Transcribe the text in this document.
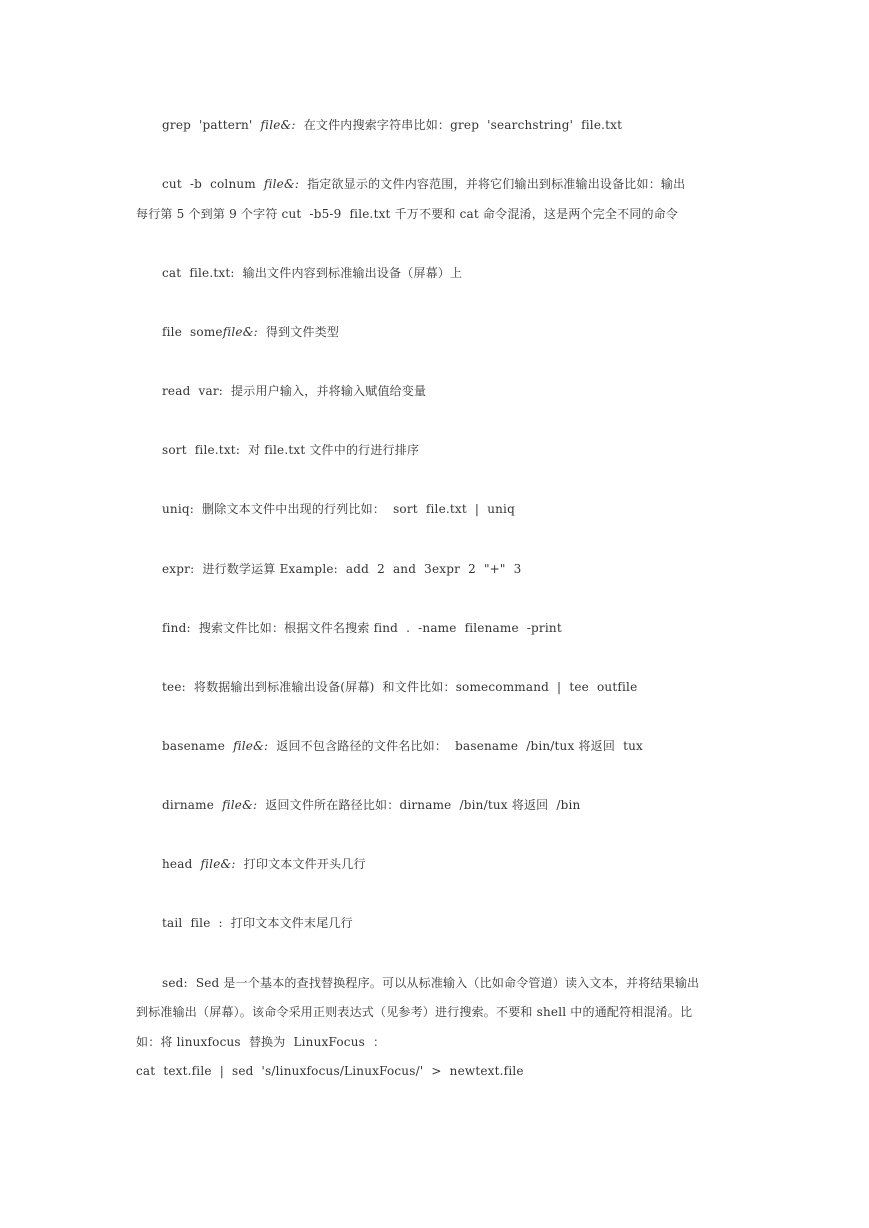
grep  'pattern'  file&:  在文件内搜索字符串比如：grep  'searchstring'  file.txt
cut  -b  colnum  file&:  指定欲显示的文件内容范围，并将它们输出到标准输出设备比如：输出
每行第 5 个到第 9 个字符 cut  -b5-9  file.txt 千万不要和 cat 命令混淆，这是两个完全不同的命令
cat  file.txt:  输出文件内容到标准输出设备（屏幕）上
file  somefile&:  得到文件类型
read  var:  提示用户输入，并将输入赋值给变量
sort  file.txt:  对 file.txt 文件中的行进行排序
uniq:  删除文本文件中出现的行列比如：  sort  file.txt  |  uniq
expr:  进行数学运算 Example:  add  2  and  3expr  2  "+"  3
find:  搜索文件比如：根据文件名搜索 find  .  -name  filename  -print
tee:  将数据输出到标准输出设备(屏幕)  和文件比如：somecommand  |  tee  outfile
basename  file&:  返回不包含路径的文件名比如：  basename  /bin/tux 将返回  tux
dirname  file&:  返回文件所在路径比如：dirname  /bin/tux 将返回  /bin
head  file&:  打印文本文件开头几行
tail  file  :  打印文本文件末尾几行
sed:  Sed 是一个基本的查找替换程序。可以从标准输入（比如命令管道）读入文本，并将结果输出
到标准输出（屏幕）。该命令采用正则表达式（见参考）进行搜索。不要和 shell 中的通配符相混淆。比
如：将 linuxfocus  替换为  LinuxFocus  ：
cat  text.file  |  sed  's/linuxfocus/LinuxFocus/'  >  newtext.file
